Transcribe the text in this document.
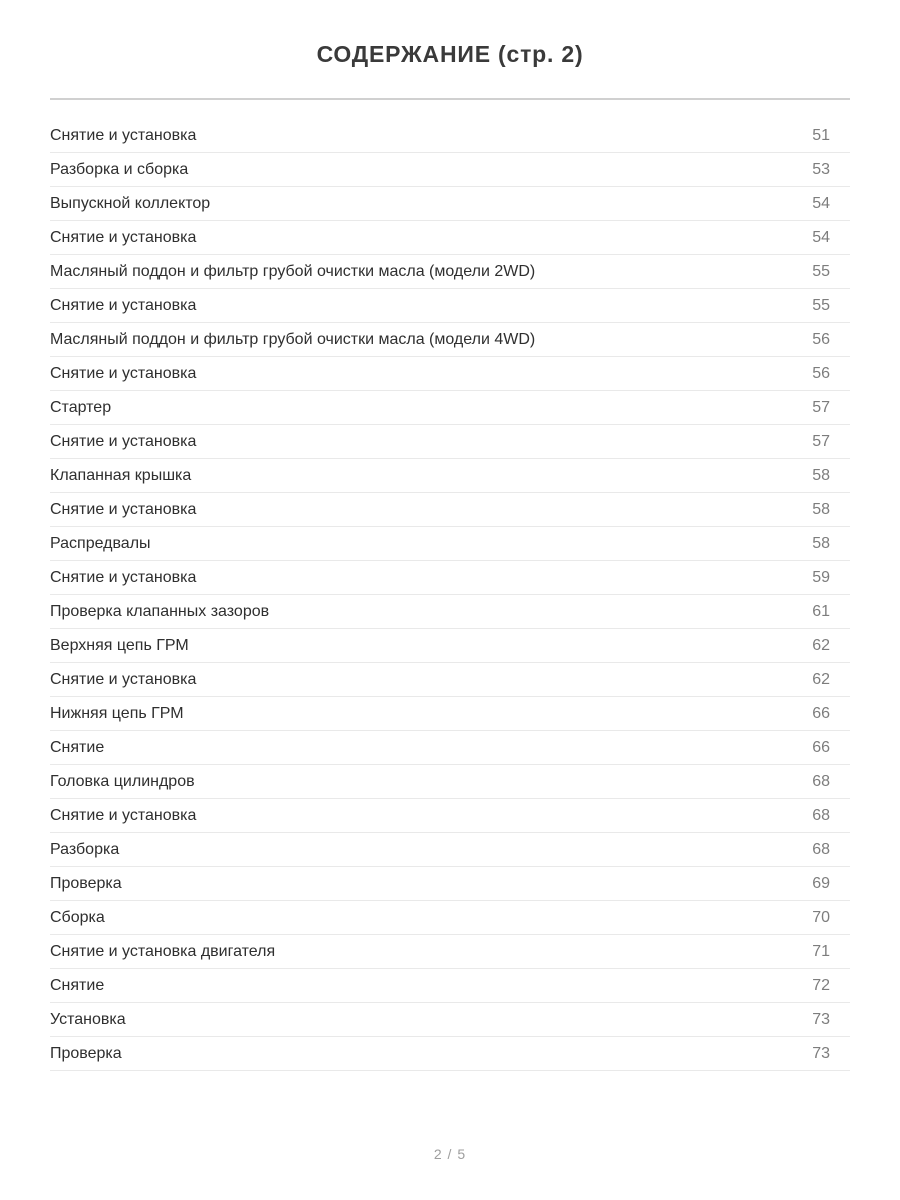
СОДЕРЖАНИЕ (стр. 2)
Снятие и установка	51
Разборка и сборка	53
Выпускной коллектор	54
Снятие и установка	54
Масляный поддон и фильтр грубой очистки масла (модели 2WD)	55
Снятие и установка	55
Масляный поддон и фильтр грубой очистки масла (модели 4WD)	56
Снятие и установка	56
Стартер	57
Снятие и установка	57
Клапанная крышка	58
Снятие и установка	58
Распредвалы	58
Снятие и установка	59
Проверка клапанных зазоров	61
Верхняя цепь ГРМ	62
Снятие и установка	62
Нижняя цепь ГРМ	66
Снятие	66
Головка цилиндров	68
Снятие и установка	68
Разборка	68
Проверка	69
Сборка	70
Снятие и установка двигателя	71
Снятие	72
Установка	73
Проверка	73
2 / 5
